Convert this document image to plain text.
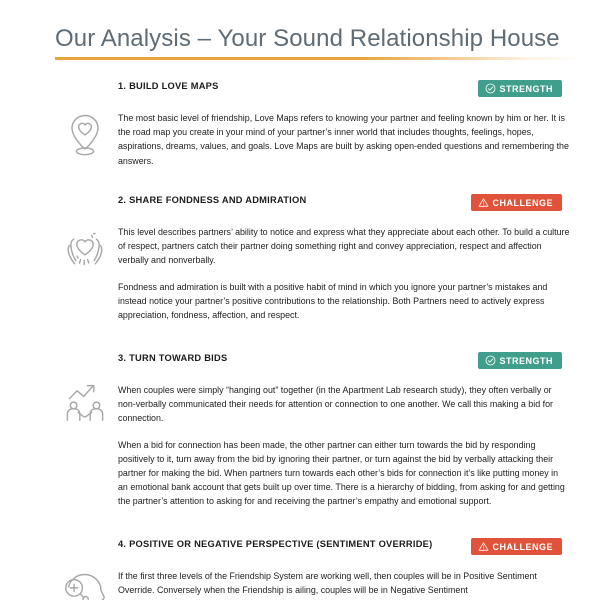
Our Analysis – Your Sound Relationship House
1. BUILD LOVE MAPS	STRENGTH

The most basic level of friendship, Love Maps refers to knowing your partner and feeling known by him or her. It is the road map you create in your mind of your partner’s inner world that includes thoughts, feelings, hopes, aspirations, dreams, values, and goals. Love Maps are built by asking open-ended questions and remembering the answers.

2. SHARE FONDNESS AND ADMIRATION	CHALLENGE

This level describes partners’ ability to notice and express what they appreciate about each other. To build a culture of respect, partners catch their partner doing something right and convey appreciation, respect and affection verbally and nonverbally.

Fondness and admiration is built with a positive habit of mind in which you ignore your partner’s mistakes and instead notice your partner’s positive contributions to the relationship. Both Partners need to actively express appreciation, fondness, affection, and respect.

3. TURN TOWARD BIDS	STRENGTH

When couples were simply “hanging out” together (in the Apartment Lab research study), they often verbally or non-verbally communicated their needs for attention or connection to one another. We call this making a bid for connection.

When a bid for connection has been made, the other partner can either turn towards the bid by responding positively to it, turn away from the bid by ignoring their partner, or turn against the bid by verbally attacking their partner for making the bid. When partners turn towards each other’s bids for connection it’s like putting money in an emotional bank account that gets built up over time. There is a hierarchy of bidding, from asking for and getting the partner’s attention to asking for and receiving the partner’s empathy and emotional support.

4. POSITIVE OR NEGATIVE PERSPECTIVE (SENTIMENT OVERRIDE)	CHALLENGE

If the first three levels of the Friendship System are working well, then couples will be in Positive Sentiment Override. Conversely when the Friendship is ailing, couples will be in Negative Sentiment
